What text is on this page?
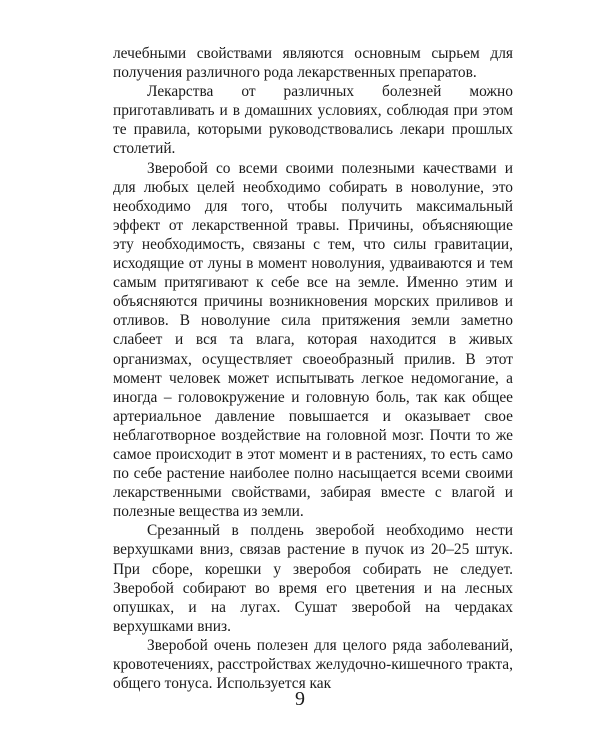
лечебными свойствами являются основным сырьем для получения различного рода лекарственных препаратов.

Лекарства от различных болезней можно приготавливать и в домашних условиях, соблюдая при этом те правила, которыми руководствовались лекари прошлых столетий.

Зверобой со всеми своими полезными качествами и для любых целей необходимо собирать в новолуние, это необходимо для того, чтобы получить максимальный эффект от лекарственной травы. Причины, объясняющие эту необходимость, связаны с тем, что силы гравитации, исходящие от луны в момент новолуния, удваиваются и тем самым притягивают к себе все на земле. Именно этим и объясняются причины возникновения морских приливов и отливов. В новолуние сила притяжения земли заметно слабеет и вся та влага, которая находится в живых организмах, осуществляет своеобразный прилив. В этот момент человек может испытывать легкое недомогание, а иногда – головокружение и головную боль, так как общее артериальное давление повышается и оказывает свое неблаготворное воздействие на головной мозг. Почти то же самое происходит в этот момент и в растениях, то есть само по себе растение наиболее полно насыщается всеми своими лекарственными свойствами, забирая вместе с влагой и полезные вещества из земли.

Срезанный в полдень зверобой необходимо нести верхушками вниз, связав растение в пучок из 20–25 штук. При сборе, корешки у зверобоя собирать не следует. Зверобой собирают во время его цветения и на лесных опушках, и на лугах. Сушат зверобой на чердаках верхушками вниз.

Зверобой очень полезен для целого ряда заболеваний, кровотечениях, расстройствах желудочно-кишечного тракта, общего тонуса. Используется как

9
